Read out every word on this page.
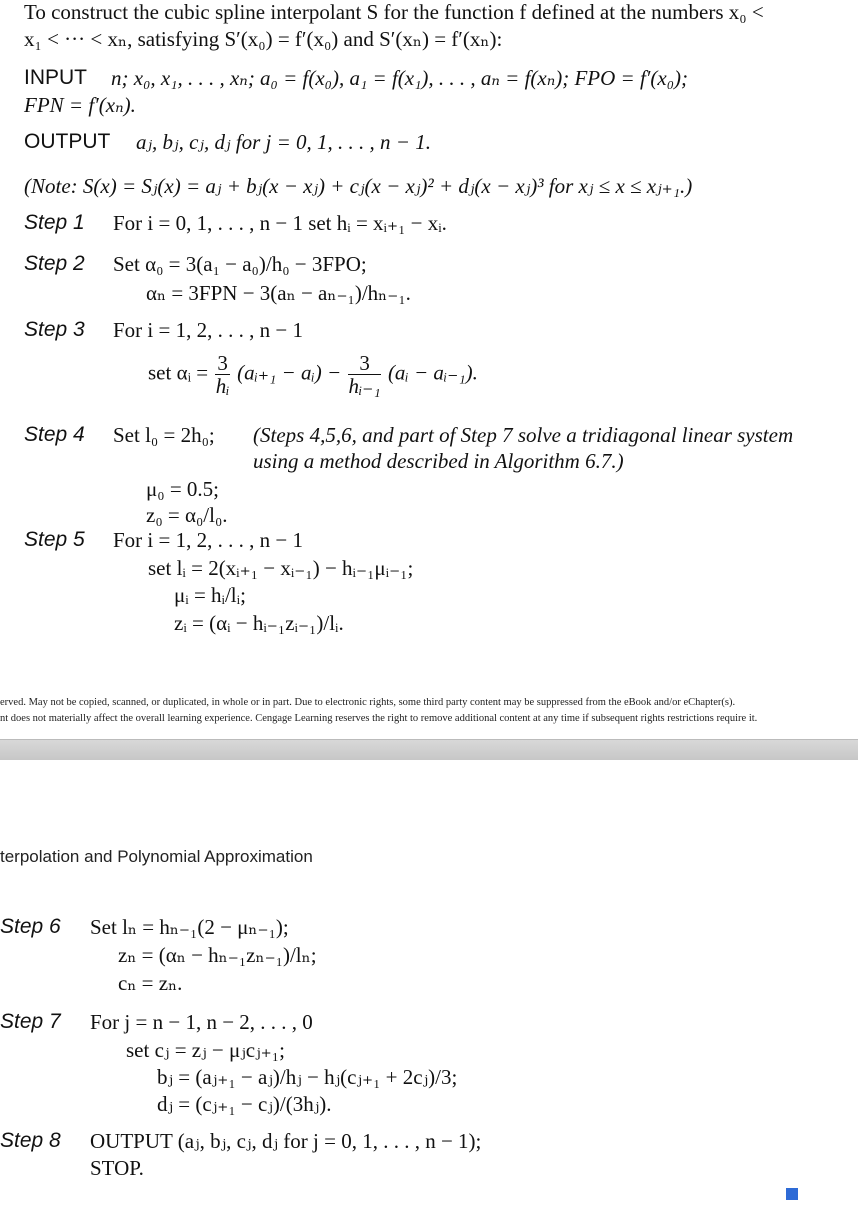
To construct the cubic spline interpolant S for the function f defined at the numbers x₀ <
x₁ < ··· < xₙ, satisfying S′(x₀) = f′(x₀) and S′(xₙ) = f′(xₙ):
INPUT n; x₀, x₁, . . . , xₙ; a₀ = f(x₀), a₁ = f(x₁), . . . , aₙ = f(xₙ); FPO = f′(x₀);
FPN = f′(xₙ).
OUTPUT aⱼ, bⱼ, cⱼ, dⱼ for j = 0, 1, . . . , n − 1.
(Note: S(x) = Sⱼ(x) = aⱼ + bⱼ(x − xⱼ) + cⱼ(x − xⱼ)² + dⱼ(x − xⱼ)³ for xⱼ ≤ x ≤ xⱼ₊₁.)
Step 1 For i = 0, 1, . . . , n − 1 set hᵢ = xᵢ₊₁ − xᵢ.
Step 2 Set α₀ = 3(a₁ − a₀)/h₀ − 3FPO;
αₙ = 3FPN − 3(aₙ − aₙ₋₁)/hₙ₋₁.
Step 3 For i = 1, 2, . . . , n − 1
set αᵢ = $\frac{3}{\text{hᵢ}}$ (aᵢ₊₁ − aᵢ) − $\frac{3}{\text{hᵢ₋₁}}$ (aᵢ − aᵢ₋₁).
Step 4 Set l₀ = 2h₀; (Steps 4,5,6, and part of Step 7 solve a tridiagonal linear system
using a method described in Algorithm 6.7.)
μ₀ = 0.5;
z₀ = α₀/l₀.
Step 5 For i = 1, 2, . . . , n − 1
set lᵢ = 2(xᵢ₊₁ − xᵢ₋₁) − hᵢ₋₁μᵢ₋₁;
μᵢ = hᵢ/lᵢ;
zᵢ = (αᵢ − hᵢ₋₁zᵢ₋₁)/lᵢ.
erved. May not be copied, scanned, or duplicated, in whole or in part. Due to electronic rights, some third party content may be suppressed from the eBook and/or eChapter(s).
nt does not materially affect the overall learning experience. Cengage Learning reserves the right to remove additional content at any time if subsequent rights restrictions require it.
terpolation and Polynomial Approximation
Step 6 Set lₙ = hₙ₋₁(2 − μₙ₋₁);
zₙ = (αₙ − hₙ₋₁zₙ₋₁)/lₙ;
cₙ = zₙ.
Step 7 For j = n − 1, n − 2, . . . , 0
set cⱼ = zⱼ − μⱼcⱼ₊₁;
bⱼ = (aⱼ₊₁ − aⱼ)/hⱼ − hⱼ(cⱼ₊₁ + 2cⱼ)/3;
dⱼ = (cⱼ₊₁ − cⱼ)/(3hⱼ).
Step 8 OUTPUT (aⱼ, bⱼ, cⱼ, dⱼ for j = 0, 1, . . . , n − 1);
STOP.
